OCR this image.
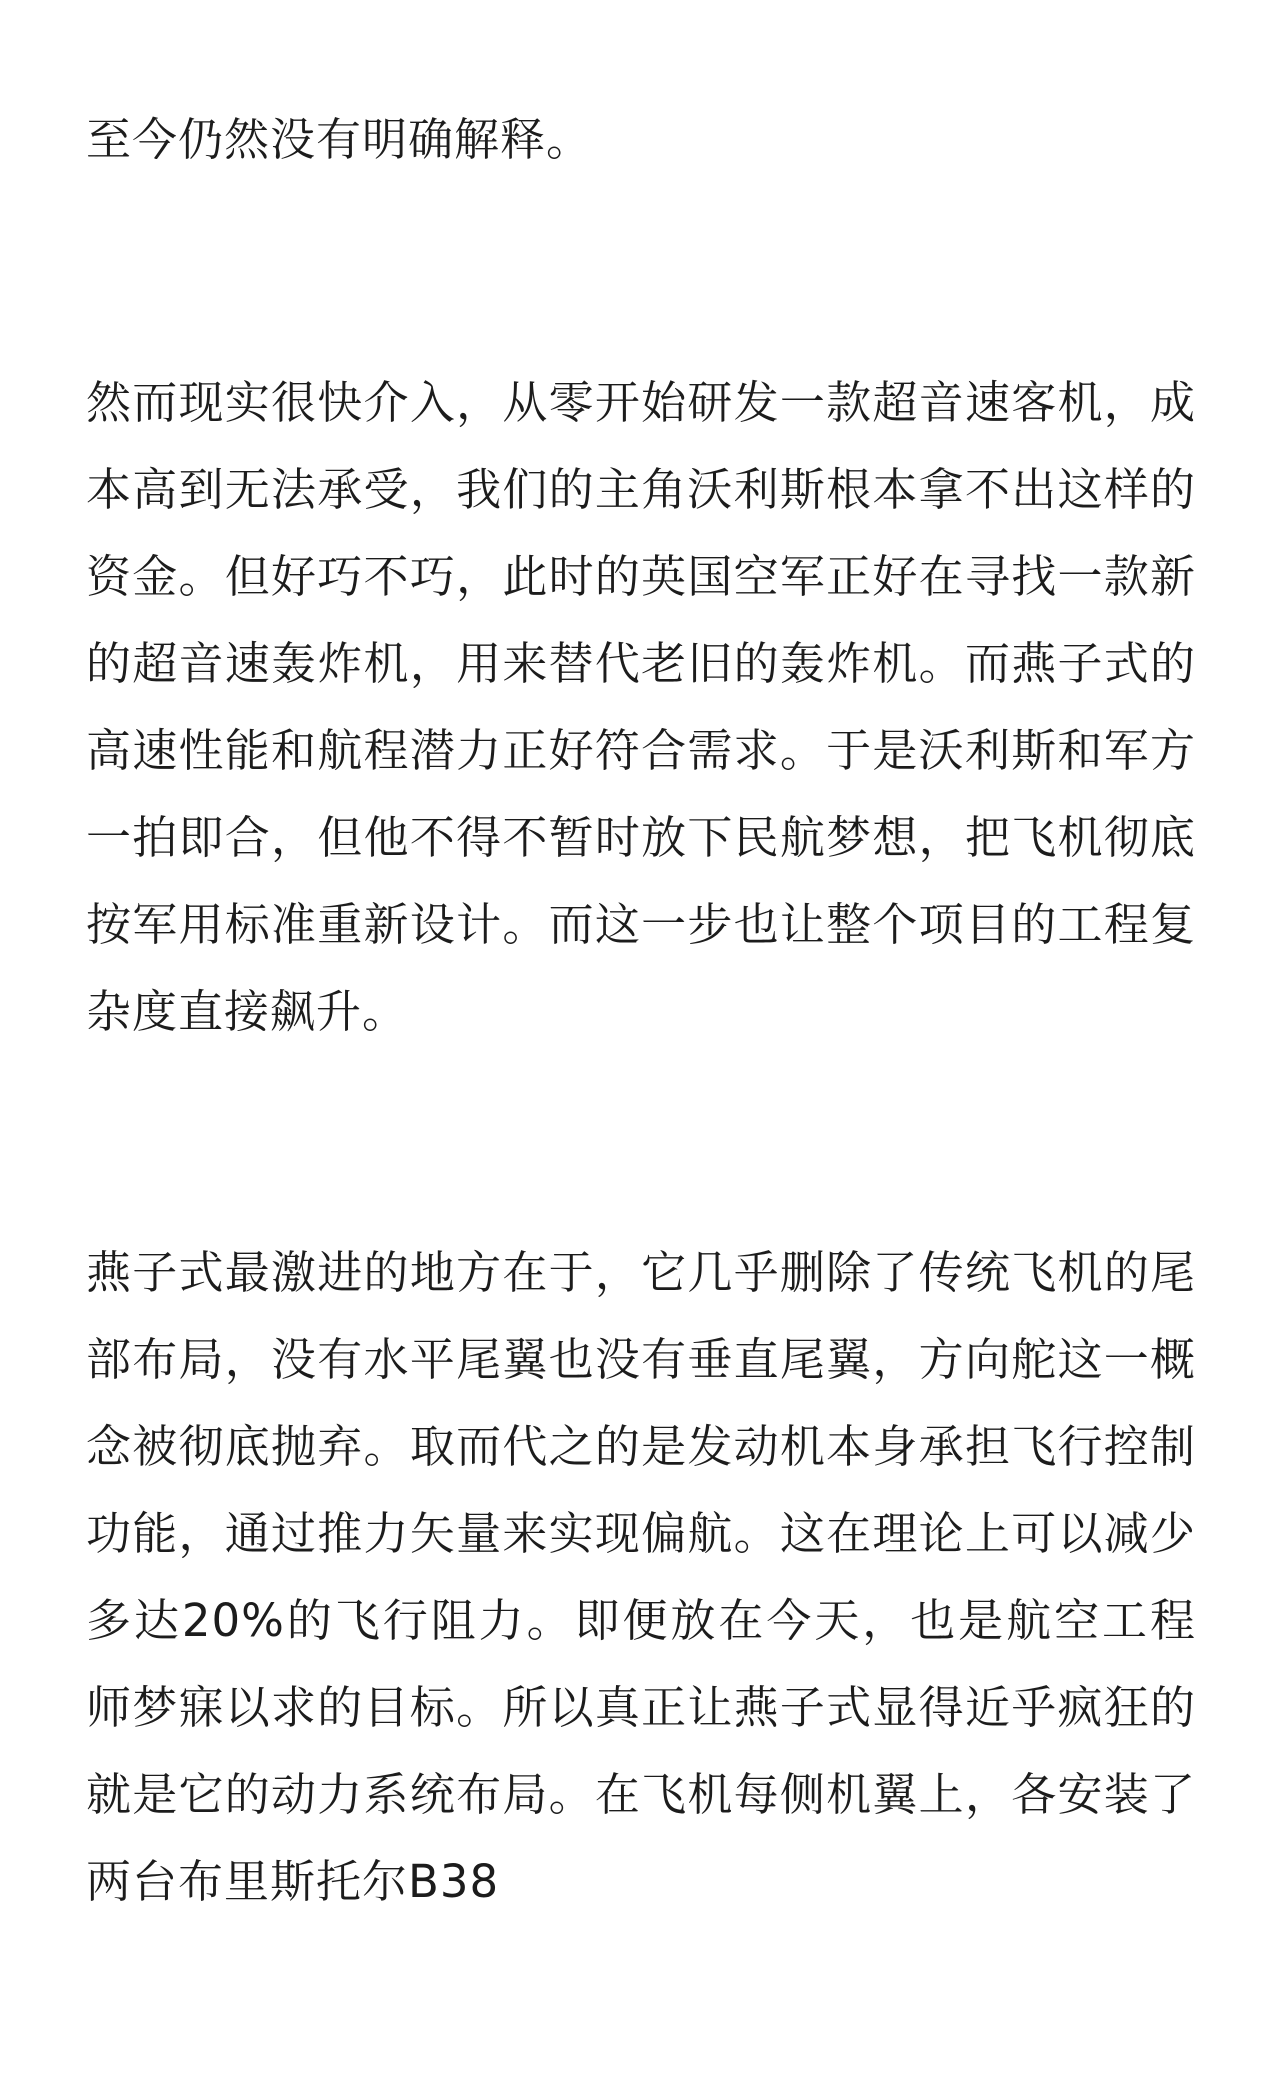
至今仍然没有明确解释。

然而现实很快介入，从零开始研发一款超音速客机，成本高到无法承受，我们的主角沃利斯根本拿不出这样的资金。但好巧不巧，此时的英国空军正好在寻找一款新的超音速轰炸机，用来替代老旧的轰炸机。而燕子式的高速性能和航程潜力正好符合需求。于是沃利斯和军方一拍即合，但他不得不暂时放下民航梦想，把飞机彻底按军用标准重新设计。而这一步也让整个项目的工程复杂度直接飙升。

燕子式最激进的地方在于，它几乎删除了传统飞机的尾部布局，没有水平尾翼也没有垂直尾翼，方向舵这一概念被彻底抛弃。取而代之的是发动机本身承担飞行控制功能，通过推力矢量来实现偏航。这在理论上可以减少多达20%的飞行阻力。即便放在今天，也是航空工程师梦寐以求的目标。所以真正让燕子式显得近乎疯狂的就是它的动力系统布局。在飞机每侧机翼上，各安装了两台布里斯托尔B38
